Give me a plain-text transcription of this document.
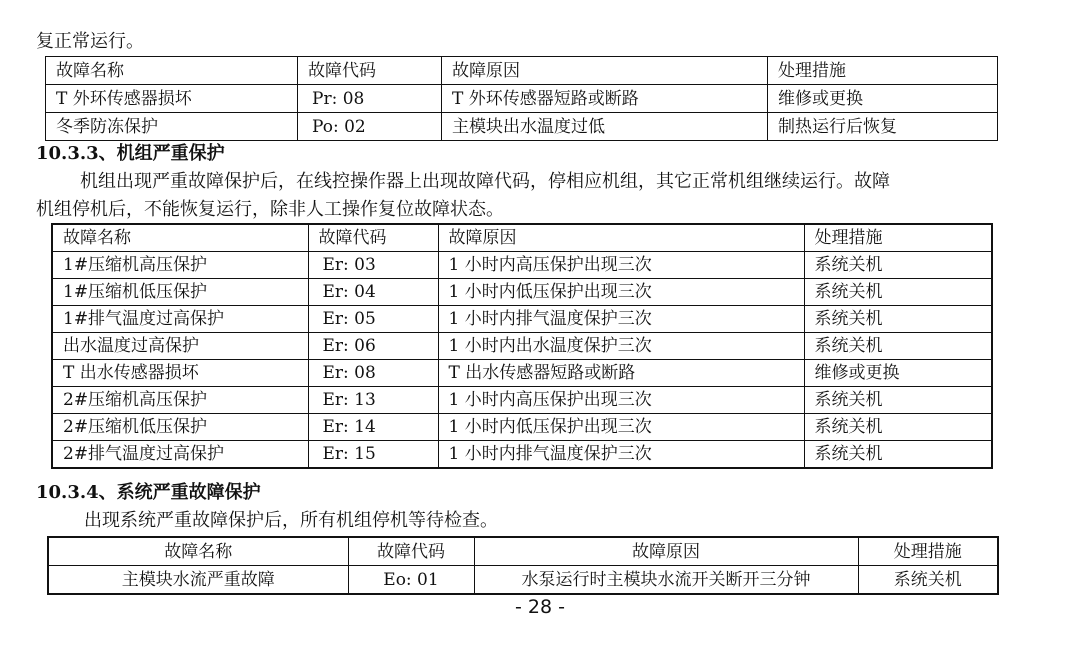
复正常运行。
故障名称	故障代码	故障原因	处理措施
T 外环传感器损坏	Pr: 08	T 外环传感器短路或断路	维修或更换
冬季防冻保护	Po: 02	主模块出水温度过低	制热运行后恢复
10.3.3、机组严重保护
机组出现严重故障保护后，在线控操作器上出现故障代码，停相应机组，其它正常机组继续运行。故障
机组停机后，不能恢复运行，除非人工操作复位故障状态。
故障名称	故障代码	故障原因	处理措施
1#压缩机高压保护	Er: 03	1 小时内高压保护出现三次	系统关机
1#压缩机低压保护	Er: 04	1 小时内低压保护出现三次	系统关机
1#排气温度过高保护	Er: 05	1 小时内排气温度保护三次	系统关机
出水温度过高保护	Er: 06	1 小时内出水温度保护三次	系统关机
T 出水传感器损坏	Er: 08	T 出水传感器短路或断路	维修或更换
2#压缩机高压保护	Er: 13	1 小时内高压保护出现三次	系统关机
2#压缩机低压保护	Er: 14	1 小时内低压保护出现三次	系统关机
2#排气温度过高保护	Er: 15	1 小时内排气温度保护三次	系统关机
10.3.4、系统严重故障保护
出现系统严重故障保护后，所有机组停机等待检查。
故障名称	故障代码	故障原因	处理措施
主模块水流严重故障	Eo: 01	水泵运行时主模块水流开关断开三分钟	系统关机
- 28 -
